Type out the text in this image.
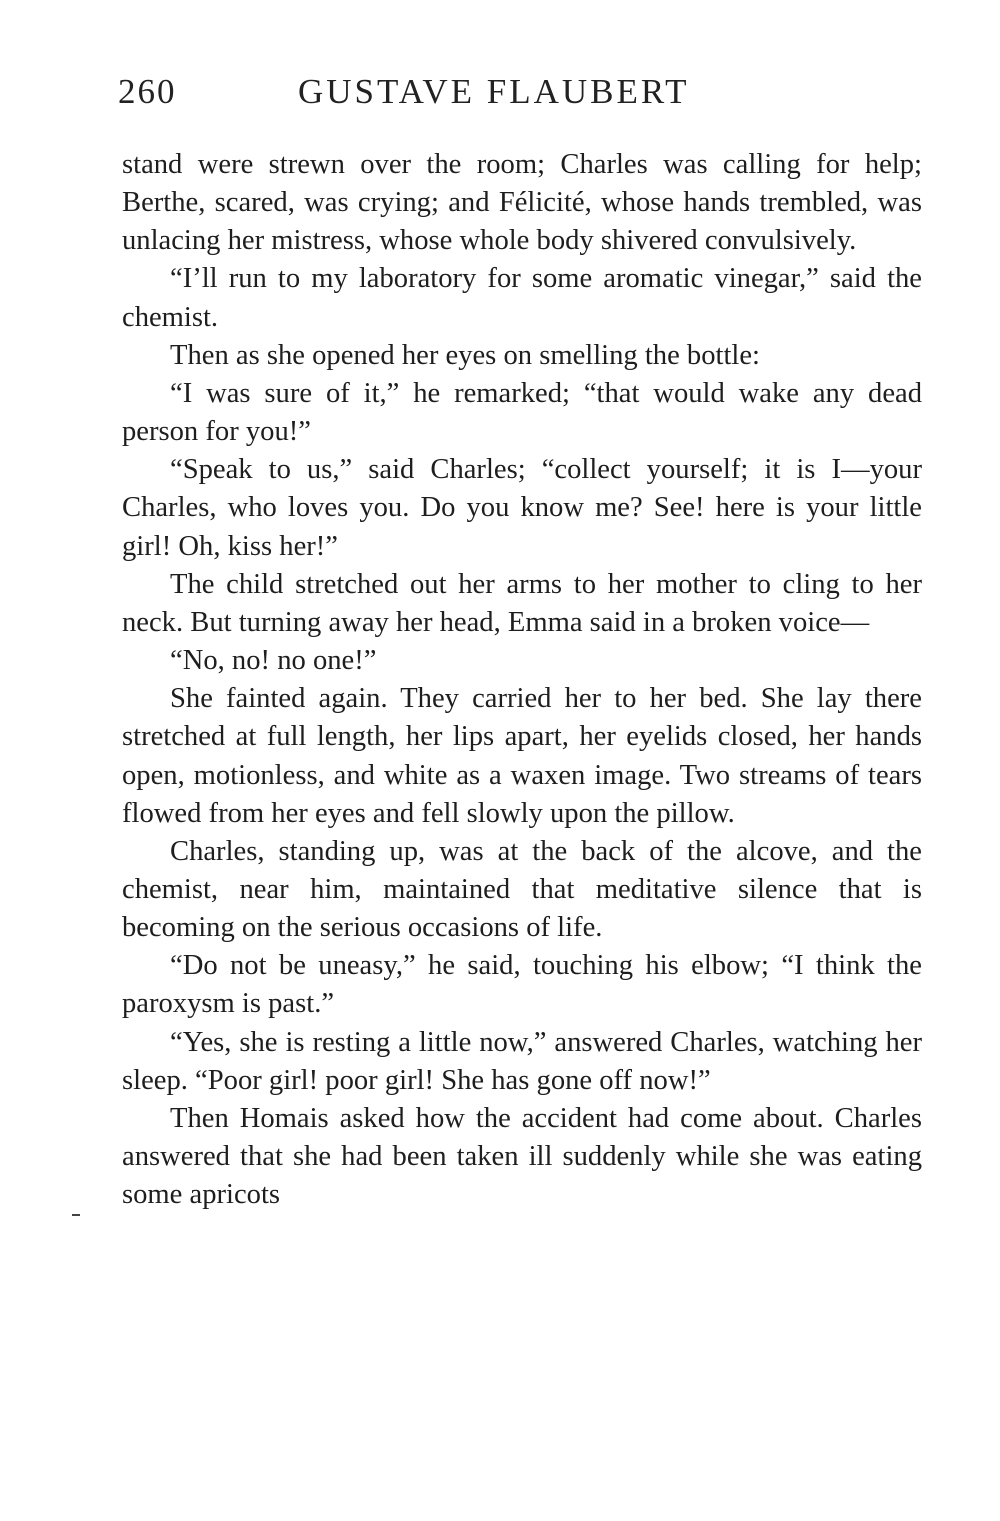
260	GUSTAVE FLAUBERT

stand were strewn over the room; Charles was calling for help; Berthe, scared, was crying; and Félicité, whose hands trembled, was unlacing her mistress, whose whole body shivered convulsively.

“I’ll run to my laboratory for some aromatic vinegar,” said the chemist.

Then as she opened her eyes on smelling the bottle:

“I was sure of it,” he remarked; “that would wake any dead person for you!”

“Speak to us,” said Charles; “collect yourself; it is I—your Charles, who loves you. Do you know me? See! here is your little girl! Oh, kiss her!”

The child stretched out her arms to her mother to cling to her neck. But turning away her head, Emma said in a broken voice—

“No, no! no one!”

She fainted again. They carried her to her bed. She lay there stretched at full length, her lips apart, her eyelids closed, her hands open, motionless, and white as a waxen image. Two streams of tears flowed from her eyes and fell slowly upon the pillow.

Charles, standing up, was at the back of the alcove, and the chemist, near him, maintained that meditative silence that is becoming on the serious occasions of life.

“Do not be uneasy,” he said, touching his elbow; “I think the paroxysm is past.”

“Yes, she is resting a little now,” answered Charles, watching her sleep. “Poor girl! poor girl! She has gone off now!”

Then Homais asked how the accident had come about. Charles answered that she had been taken ill suddenly while she was eating some apricots
